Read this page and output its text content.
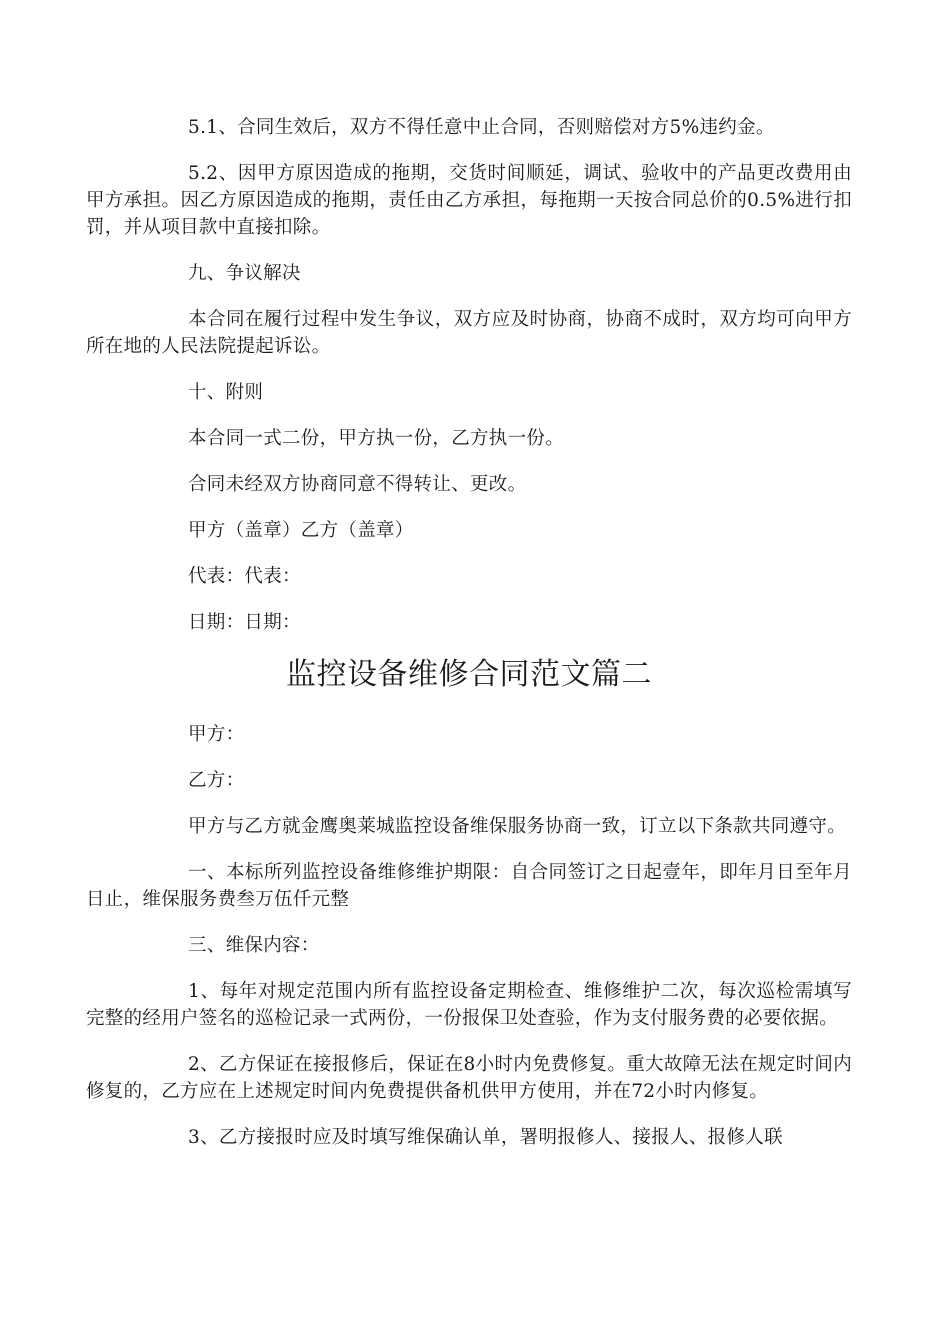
5.1、合同生效后，双方不得任意中止合同，否则赔偿对方5%违约金。

5.2、因甲方原因造成的拖期，交货时间顺延，调试、验收中的产品更改费用由甲方承担。因乙方原因造成的拖期，责任由乙方承担，每拖期一天按合同总价的0.5%进行扣罚，并从项目款中直接扣除。

九、争议解决

本合同在履行过程中发生争议，双方应及时协商，协商不成时，双方均可向甲方所在地的人民法院提起诉讼。

十、附则

本合同一式二份，甲方执一份，乙方执一份。

合同未经双方协商同意不得转让、更改。

甲方（盖章）乙方（盖章）

代表：代表：

日期：日期：

监控设备维修合同范文篇二

甲方：

乙方：

甲方与乙方就金鹰奥莱城监控设备维保服务协商一致，订立以下条款共同遵守。

一、本标所列监控设备维修维护期限：自合同签订之日起壹年，即年月日至年月日止，维保服务费叁万伍仟元整

三、维保内容：

1、每年对规定范围内所有监控设备定期检查、维修维护二次，每次巡检需填写完整的经用户签名的巡检记录一式两份，一份报保卫处查验，作为支付服务费的必要依据。

2、乙方保证在接报修后，保证在8小时内免费修复。重大故障无法在规定时间内修复的，乙方应在上述规定时间内免费提供备机供甲方使用，并在72小时内修复。

3、乙方接报时应及时填写维保确认单，署明报修人、接报人、报修人联
